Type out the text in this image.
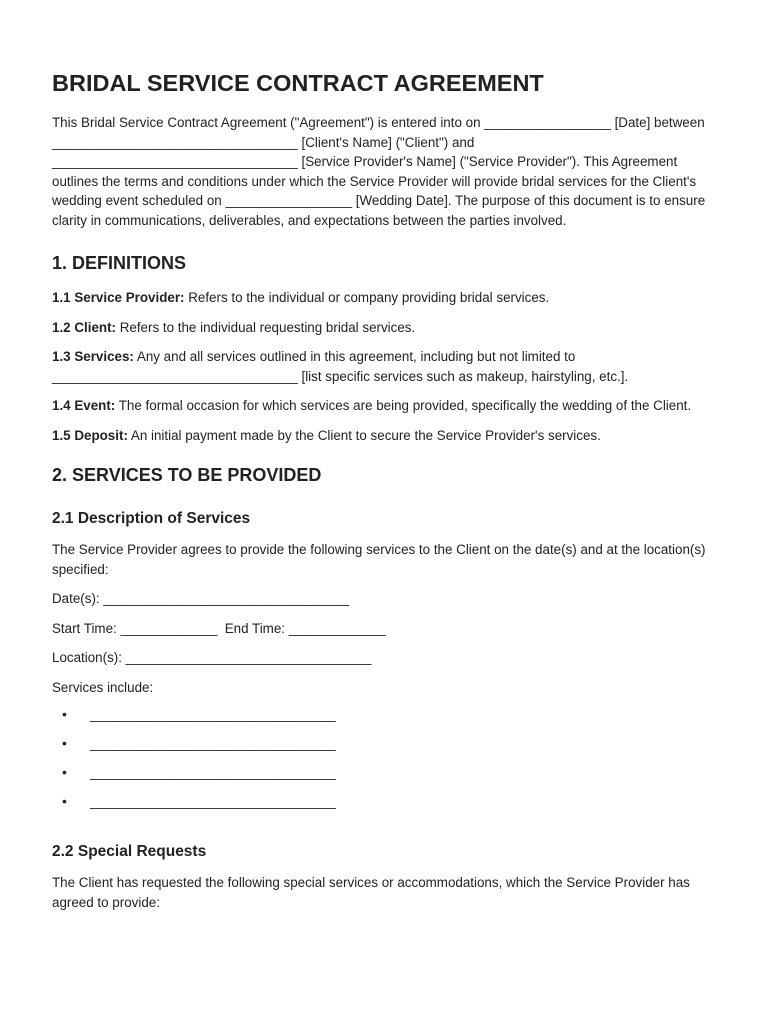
BRIDAL SERVICE CONTRACT AGREEMENT

This Bridal Service Contract Agreement ("Agreement") is entered into on _________________ [Date] between _________________________________ [Client's Name] ("Client") and _________________________________ [Service Provider's Name] ("Service Provider"). This Agreement outlines the terms and conditions under which the Service Provider will provide bridal services for the Client's wedding event scheduled on _________________ [Wedding Date]. The purpose of this document is to ensure clarity in communications, deliverables, and expectations between the parties involved.

1. DEFINITIONS

1.1 Service Provider: Refers to the individual or company providing bridal services.

1.2 Client: Refers to the individual requesting bridal services.

1.3 Services: Any and all services outlined in this agreement, including but not limited to _________________________________ [list specific services such as makeup, hairstyling, etc.].

1.4 Event: The formal occasion for which services are being provided, specifically the wedding of the Client.

1.5 Deposit: An initial payment made by the Client to secure the Service Provider's services.

2. SERVICES TO BE PROVIDED
2.1 Description of Services

The Service Provider agrees to provide the following services to the Client on the date(s) and at the location(s) specified:

Date(s): _________________________________

Start Time: _____________  End Time: _____________

Location(s): _________________________________

Services include:

•	_________________________________
•	_________________________________
•	_________________________________
•	_________________________________
2.2 Special Requests

The Client has requested the following special services or accommodations, which the Service Provider has agreed to provide:
